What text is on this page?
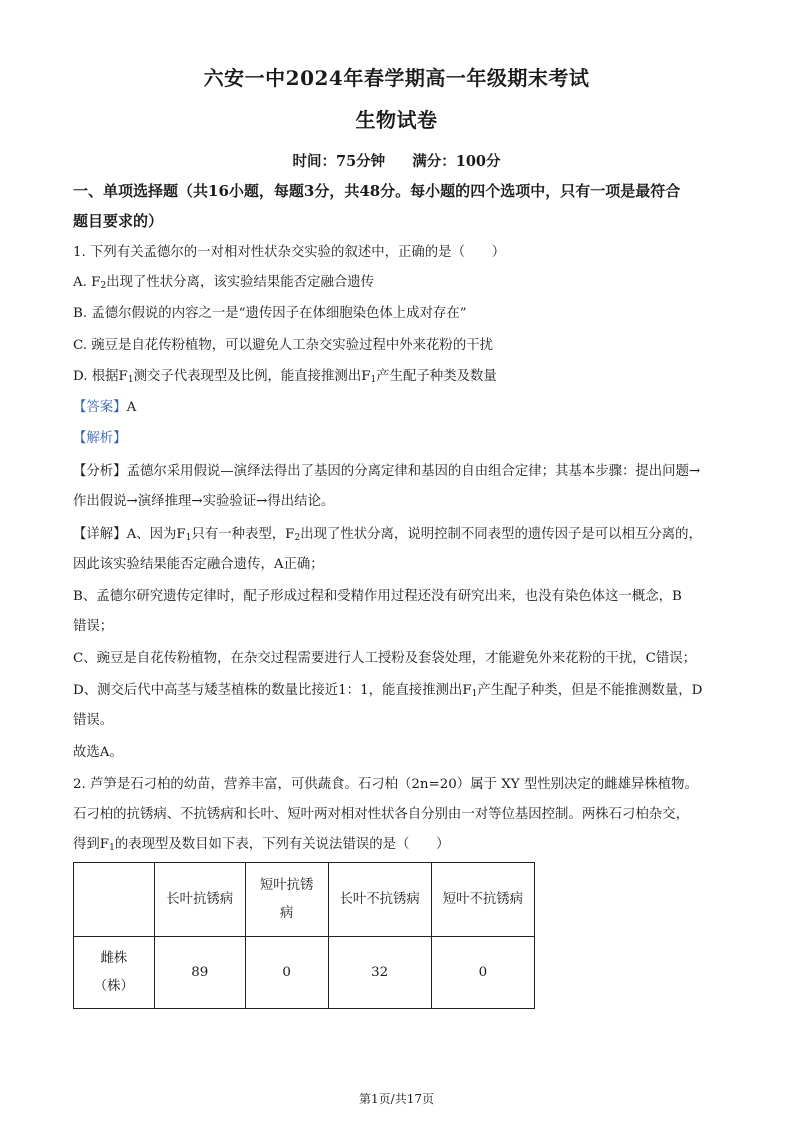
六安一中2024年春学期高一年级期末考试
生物试卷
时间：75分钟 满分：100分
一、单项选择题（共16小题，每题3分，共48分。每小题的四个选项中，只有一项是最符合
题目要求的）
1. 下列有关孟德尔的一对相对性状杂交实验的叙述中，正确的是（　　）
A. $F_2$出现了性状分离，该实验结果能否定融合遗传
B. 孟德尔假说的内容之一是“遗传因子在体细胞染色体上成对存在”
C. 豌豆是自花传粉植物，可以避免人工杂交实验过程中外来花粉的干扰
D. 根据$F_1$测交子代表现型及比例，能直接推测出$F_1$产生配子种类及数量
【答案】A
【解析】
【分析】孟德尔采用假说—演绎法得出了基因的分离定律和基因的自由组合定律；其基本步骤：提出问题→
作出假说→演绎推理→实验验证→得出结论。
【详解】A、因为$F_1$只有一种表型，$F_2$出现了性状分离，说明控制不同表型的遗传因子是可以相互分离的，
因此该实验结果能否定融合遗传，A正确；
B、孟德尔研究遗传定律时，配子形成过程和受精作用过程还没有研究出来，也没有染色体这一概念，B
错误；
C、豌豆是自花传粉植物，在杂交过程需要进行人工授粉及套袋处理，才能避免外来花粉的干扰，C错误；
D、测交后代中高茎与矮茎植株的数量比接近1：1，能直接推测出$F_1$产生配子种类，但是不能推测数量，D
错误。
故选A。
2. 芦笋是石刁柏的幼苗，营养丰富，可供蔬食。石刁柏（2n=20）属于 XY 型性别决定的雌雄异株植物。
石刁柏的抗锈病、不抗锈病和长叶、短叶两对相对性状各自分别由一对等位基因控制。两株石刁柏杂交，
得到$F_1$的表现型及数目如下表，下列有关说法错误的是（　　）
	长叶抗锈病	短叶抗锈
病	长叶不抗锈病	短叶不抗锈病

雌株
（株）	89	0	32	0
第1页/共17页
